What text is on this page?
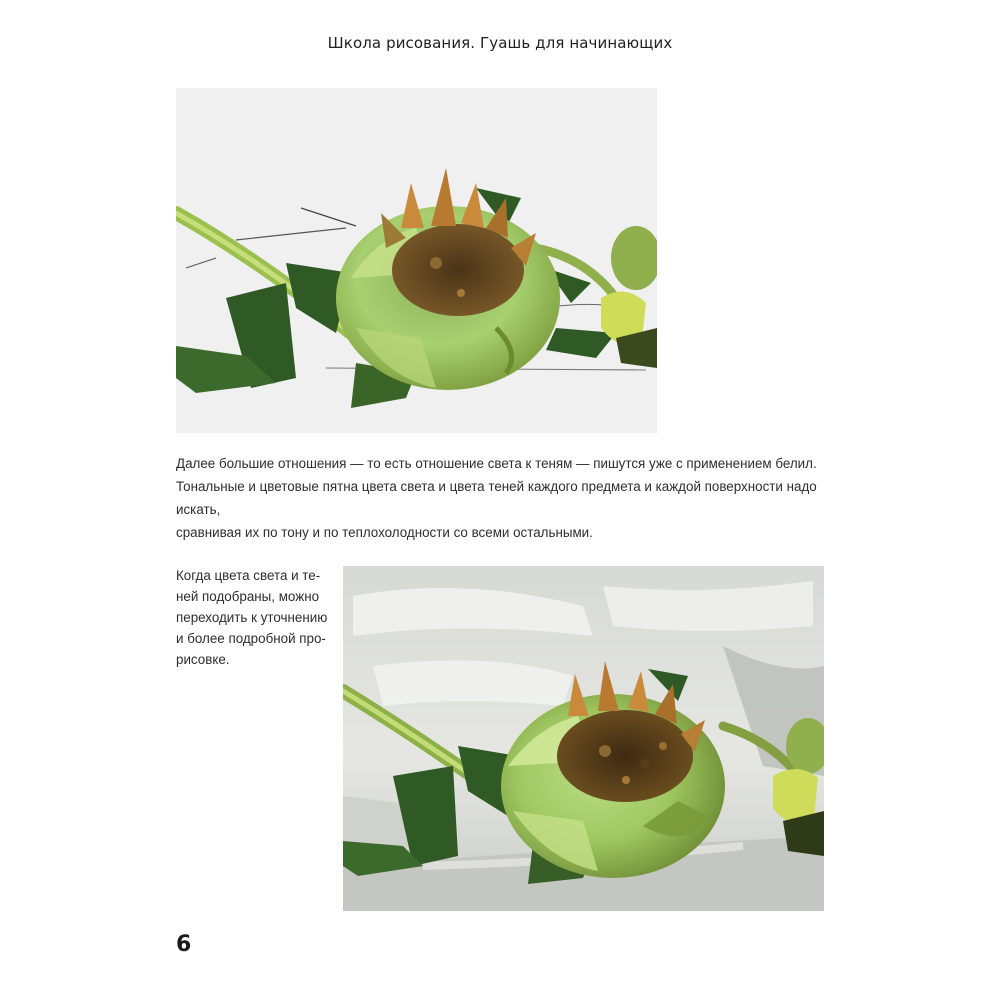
Школа рисования. Гуашь для начинающих

Далее большие отношения — то есть отношение света к теням — пишутся уже с применением белил.
Тональные и цветовые пятна цвета света и цвета теней каждого предмета и каждой поверхности надо искать,
сравнивая их по тону и по теплохолодности со всеми остальными.

Когда цвета света и те-
ней подобраны, можно
переходить к уточнению
и более подробной про-
рисовке.

6
